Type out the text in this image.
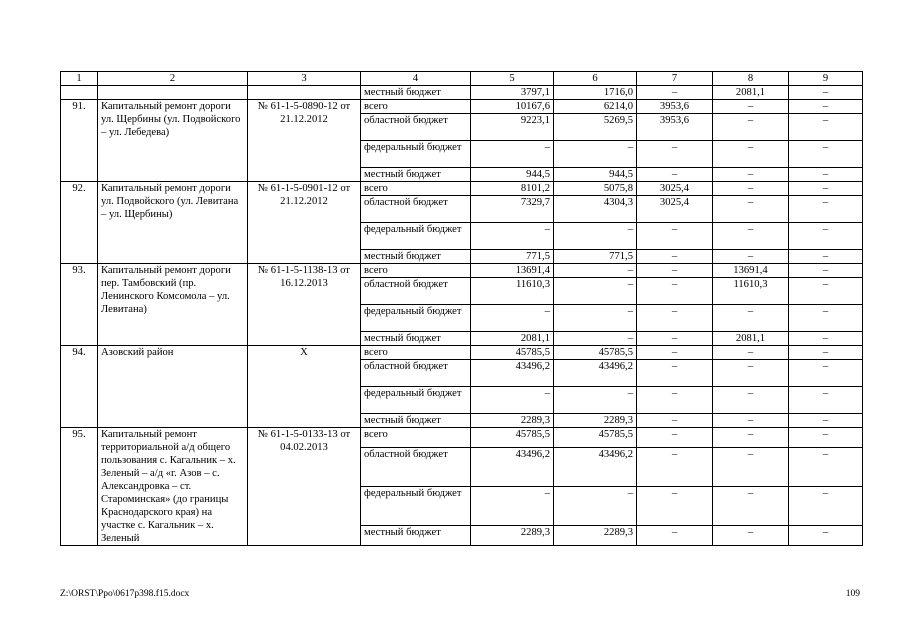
1	2	3	4	5	6	7	8	9
			местный бюджет	3797,1	1716,0	–	2081,1	–
91.	Капитальный ремонт дороги ул. Щербины (ул. Подвойского – ул. Лебедева)	№ 61-1-5-0890-12 от 21.12.2012	всего	10167,6	6214,0	3953,6	–	–
			областной бюджет	9223,1	5269,5	3953,6	–	–
			федеральный бюджет	–	–	–	–	–
			местный бюджет	944,5	944,5	–	–	–
92.	Капитальный ремонт дороги ул. Подвойского (ул. Левитана – ул. Щербины)	№ 61-1-5-0901-12 от 21.12.2012	всего	8101,2	5075,8	3025,4	–	–
			областной бюджет	7329,7	4304,3	3025,4	–	–
			федеральный бюджет	–	–	–	–	–
			местный бюджет	771,5	771,5	–	–	–
93.	Капитальный ремонт дороги пер. Тамбовский (пр. Ленинского Комсомола – ул. Левитана)	№ 61-1-5-1138-13 от 16.12.2013	всего	13691,4	–	–	13691,4	–
			областной бюджет	11610,3	–	–	11610,3	–
			федеральный бюджет	–	–	–	–	–
			местный бюджет	2081,1	–	–	2081,1	–
94.	Азовский район	Х	всего	45785,5	45785,5	–	–	–
			областной бюджет	43496,2	43496,2	–	–	–
			федеральный бюджет	–	–	–	–	–
			местный бюджет	2289,3	2289,3	–	–	–
95.	Капитальный ремонт территориальной а/д общего пользования с. Кагальник – х. Зеленый – а/д «г. Азов – с. Александровка – ст. Староминская» (до границы Краснодарского края) на участке с. Кагальник – х. Зеленый	№ 61-1-5-0133-13 от 04.02.2013	всего	45785,5	45785,5	–	–	–
			областной бюджет	43496,2	43496,2	–	–	–
			федеральный бюджет	–	–	–	–	–
			местный бюджет	2289,3	2289,3	–	–	–
Z:\ORST\Ppo\0617p398.f15.docx	109
